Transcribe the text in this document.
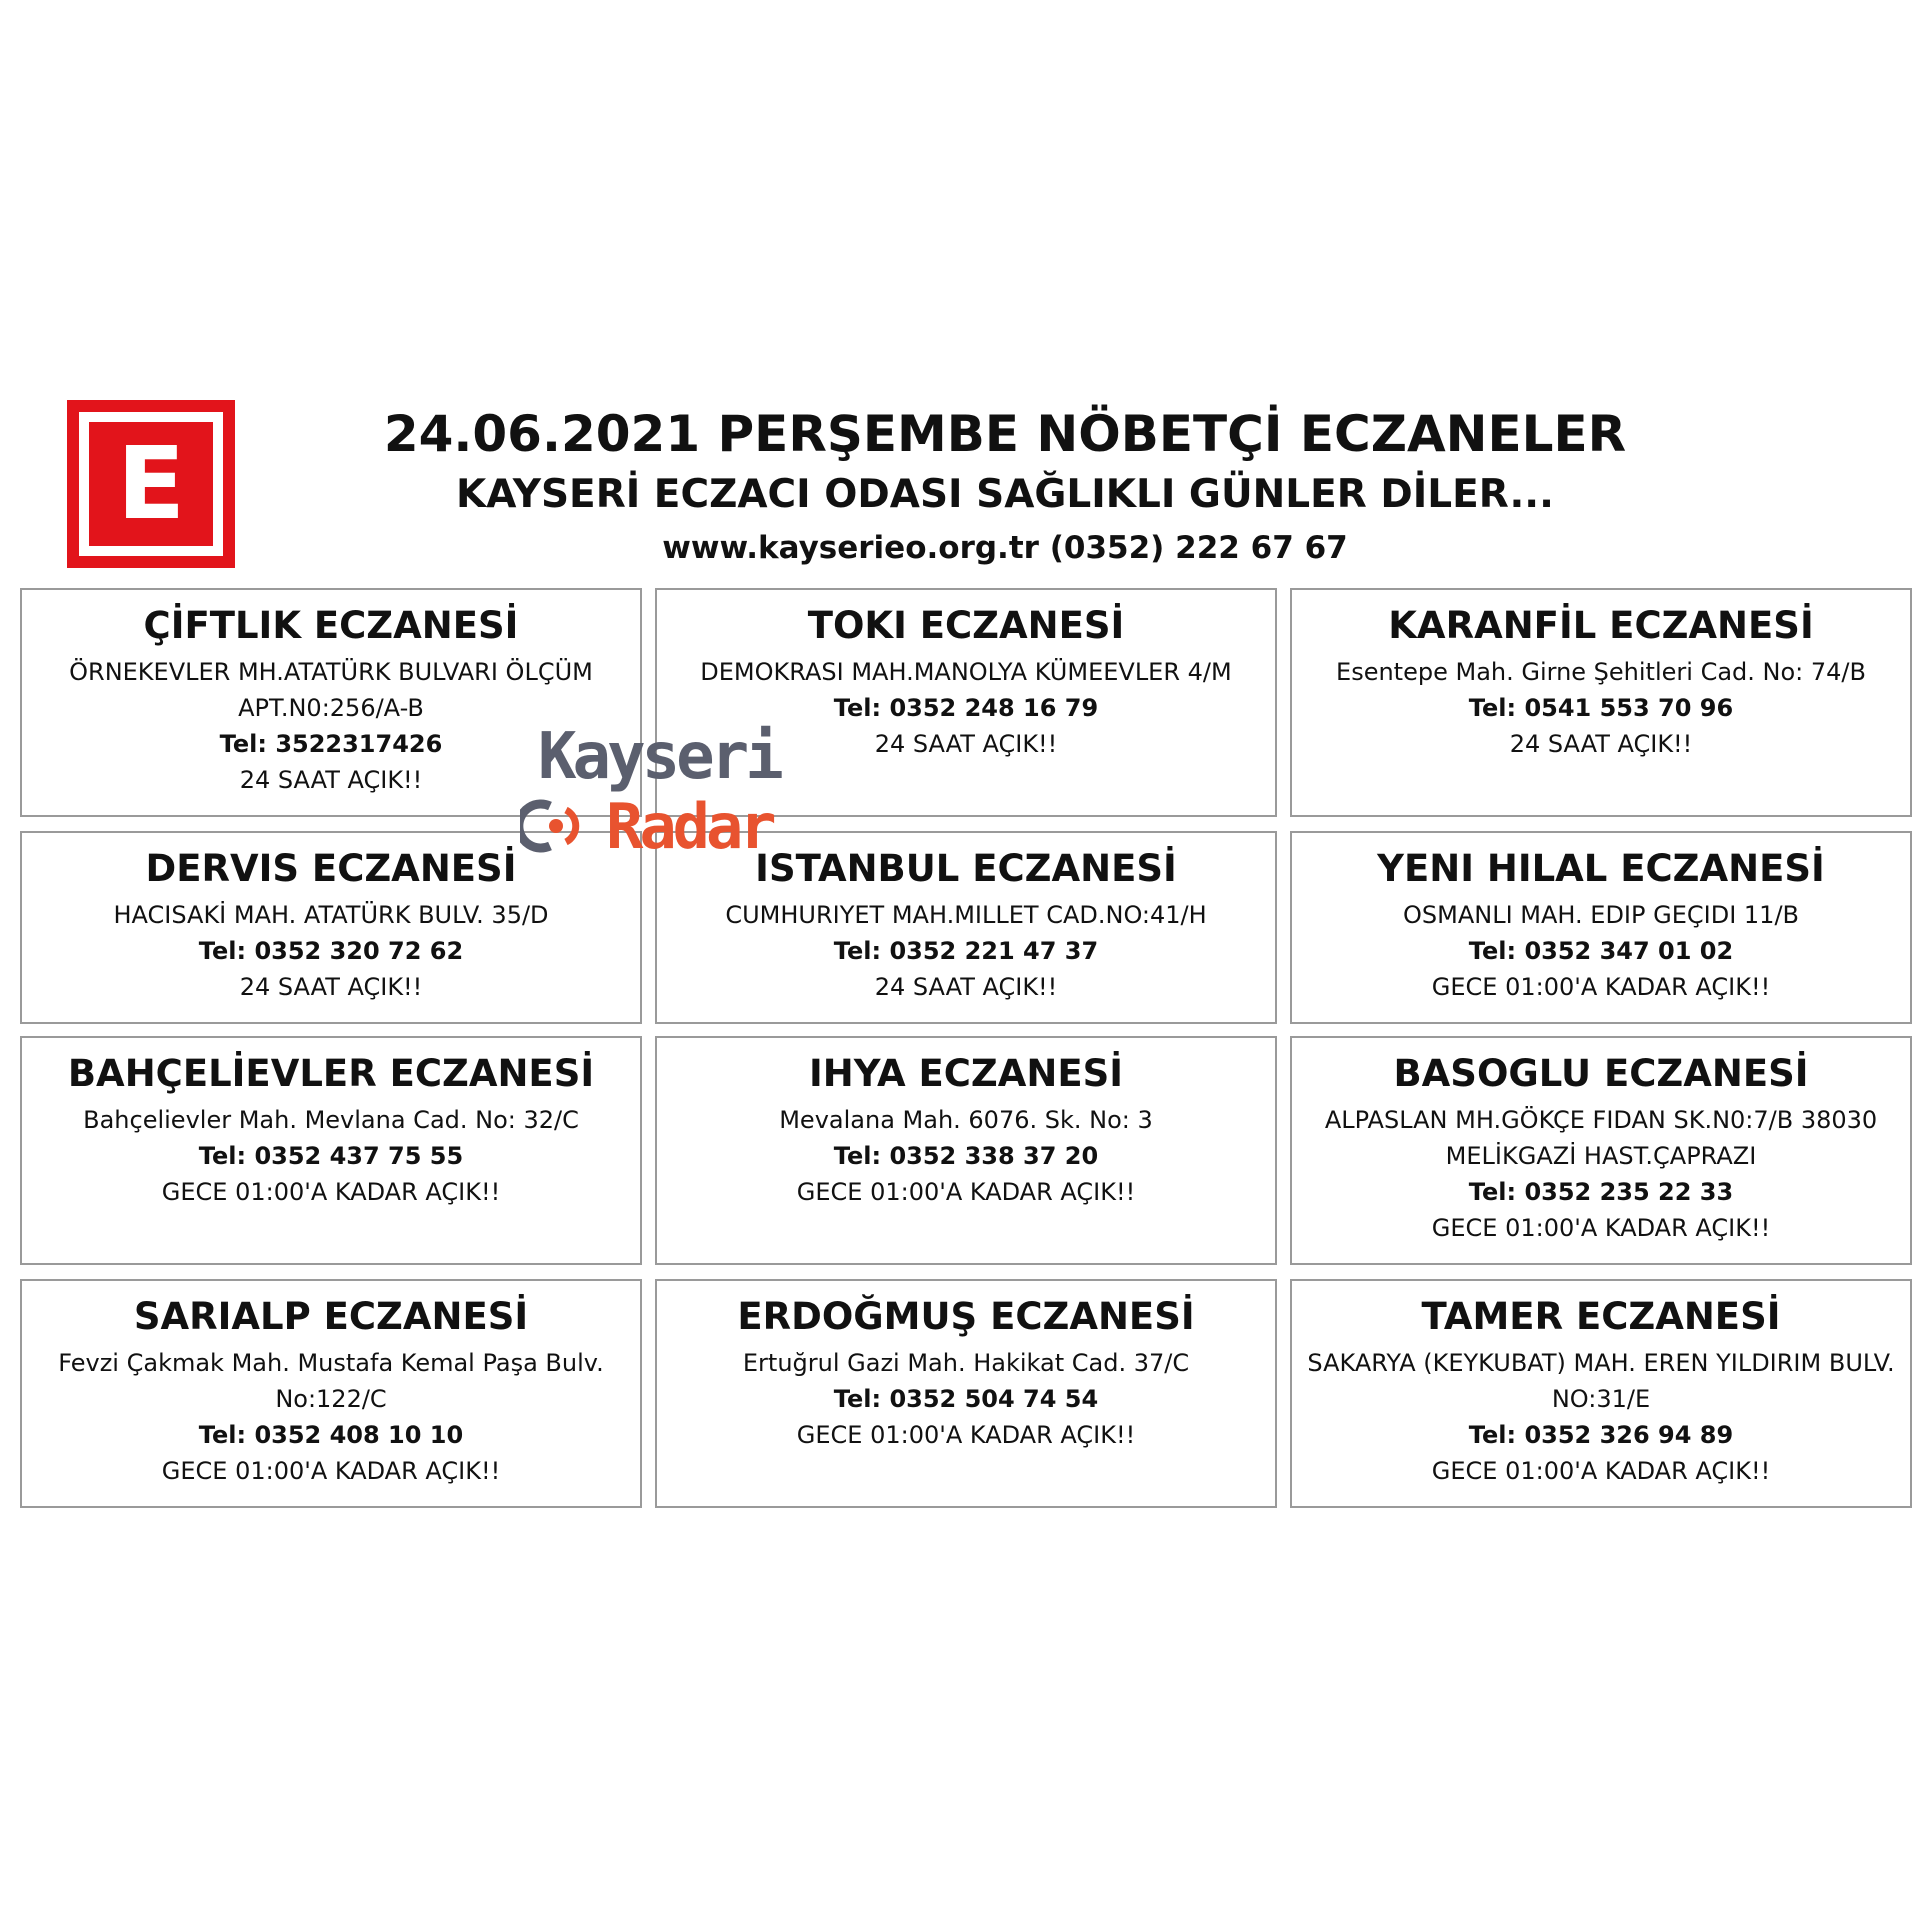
E	24.06.2021 PERŞEMBE NÖBETÇİ ECZANELER
KAYSERİ ECZACI ODASI SAĞLIKLI GÜNLER DİLER...
www.kayserieo.org.tr (0352) 222 67 67
ÇİFTLIK ECZANESİ
ÖRNEKEVLER MH.ATATÜRK BULVARI ÖLÇÜM APT.N0:256/A-B
Tel: 3522317426
24 SAAT AÇIK!!
TOKI ECZANESİ
DEMOKRASI MAH.MANOLYA KÜMEEVLER 4/M
Tel: 0352 248 16 79
24 SAAT AÇIK!!
KARANFİL ECZANESİ
Esentepe Mah. Girne Şehitleri Cad. No: 74/B
Tel: 0541 553 70 96
24 SAAT AÇIK!!
DERVIS ECZANESİ
HACISAKİ MAH. ATATÜRK BULV. 35/D
Tel: 0352 320 72 62
24 SAAT AÇIK!!
ISTANBUL ECZANESİ
CUMHURIYET MAH.MILLET CAD.NO:41/H
Tel: 0352 221 47 37
24 SAAT AÇIK!!
YENI HILAL ECZANESİ
OSMANLI MAH. EDIP GEÇIDI 11/B
Tel: 0352 347 01 02
GECE 01:00'A KADAR AÇIK!!
BAHÇELİEVLER ECZANESİ
Bahçelievler Mah. Mevlana Cad. No: 32/C
Tel: 0352 437 75 55
GECE 01:00'A KADAR AÇIK!!
IHYA ECZANESİ
Mevalana Mah. 6076. Sk. No: 3
Tel: 0352 338 37 20
GECE 01:00'A KADAR AÇIK!!
BASOGLU ECZANESİ
ALPASLAN MH.GÖKÇE FIDAN SK.N0:7/B 38030 MELİKGAZİ HAST.ÇAPRAZI
Tel: 0352 235 22 33
GECE 01:00'A KADAR AÇIK!!
SARIALP ECZANESİ
Fevzi Çakmak Mah. Mustafa Kemal Paşa Bulv. No:122/C
Tel: 0352 408 10 10
GECE 01:00'A KADAR AÇIK!!
ERDOĞMUŞ ECZANESİ
Ertuğrul Gazi Mah. Hakikat Cad. 37/C
Tel: 0352 504 74 54
GECE 01:00'A KADAR AÇIK!!
TAMER ECZANESİ
SAKARYA (KEYKUBAT) MAH. EREN YILDIRIM BULV. NO:31/E
Tel: 0352 326 94 89
GECE 01:00'A KADAR AÇIK!!
Kayseri
Radar
